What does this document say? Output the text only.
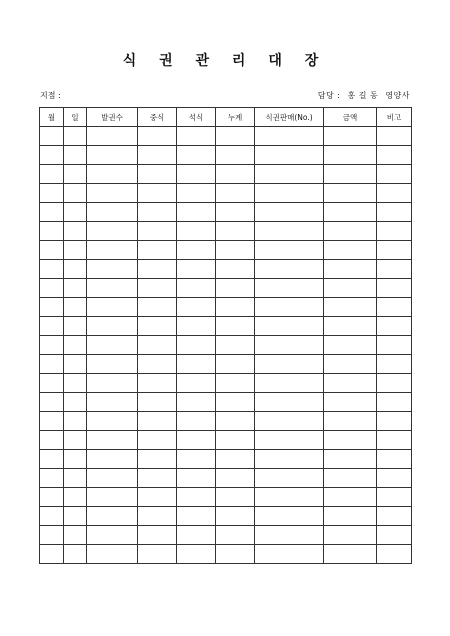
식 권 관 리 대 장
지점 :	담당 : 홍 길 동 영양사
월	일	발권수	중식	석식	누계	식권판매(No.)	금액	비고
